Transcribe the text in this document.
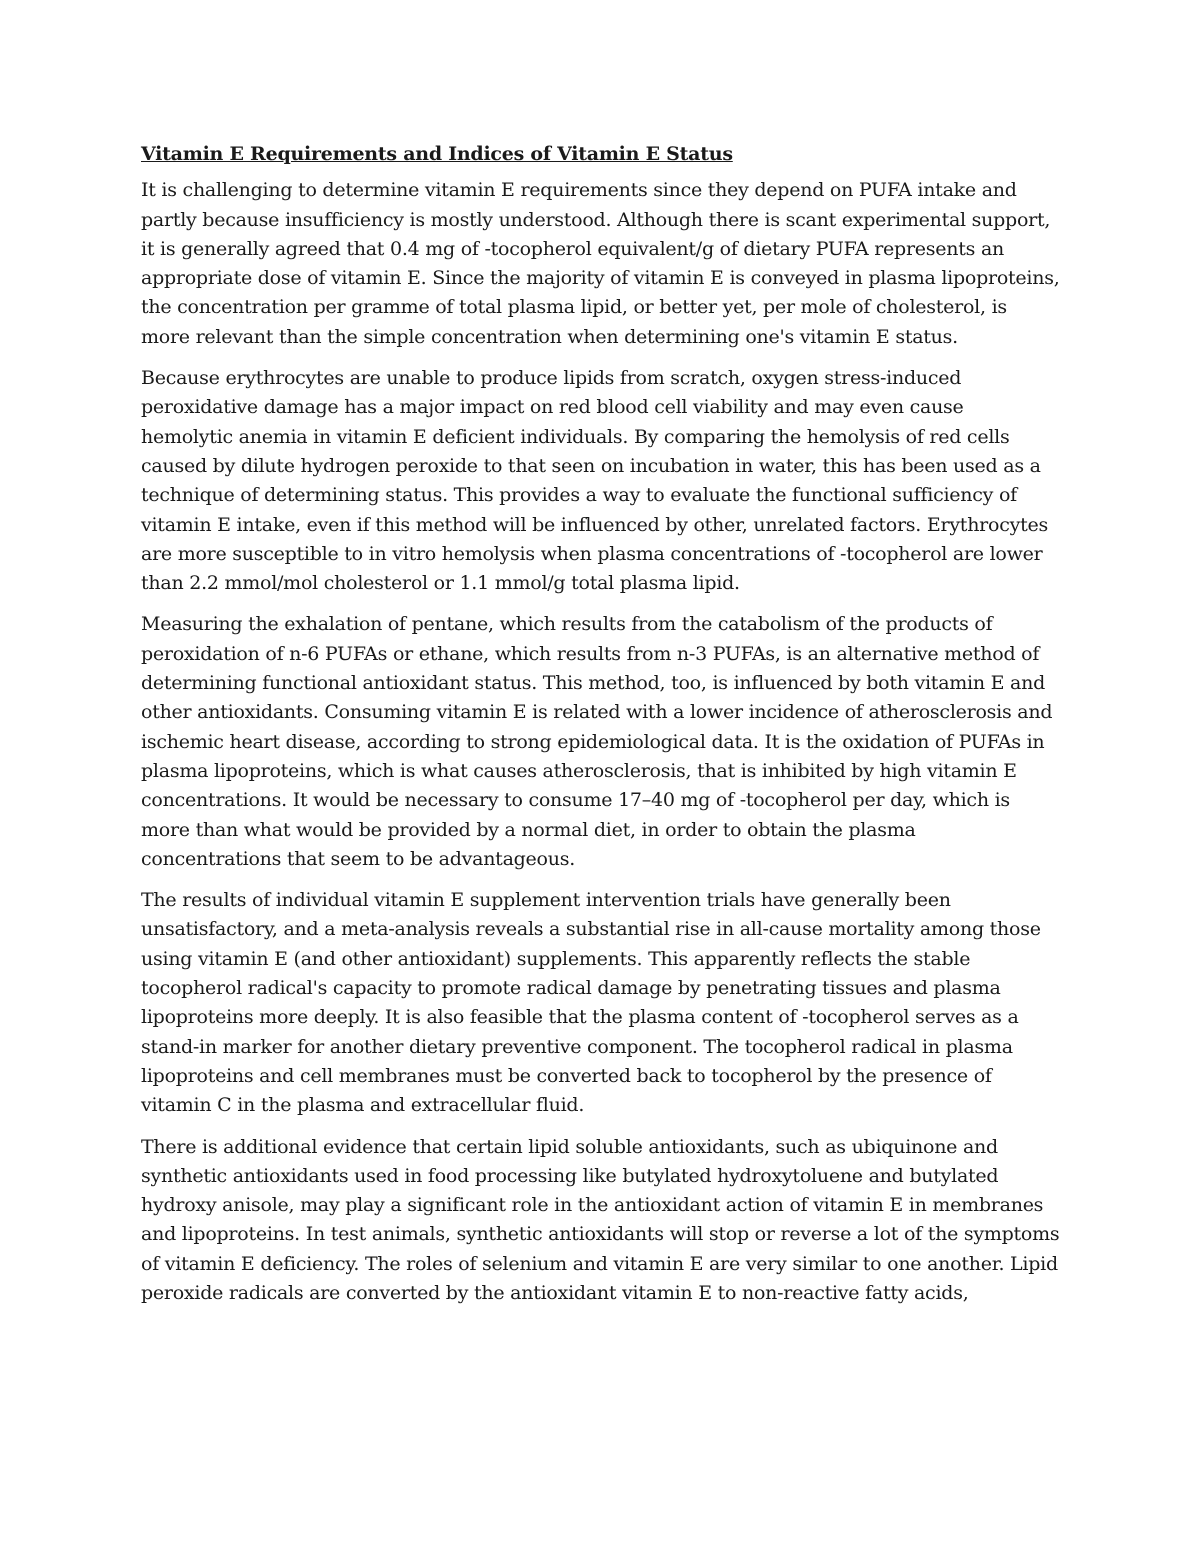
Vitamin E Requirements and Indices of Vitamin E Status

It is challenging to determine vitamin E requirements since they depend on PUFA intake and partly because insufficiency is mostly understood. Although there is scant experimental support, it is generally agreed that 0.4 mg of -tocopherol equivalent/g of dietary PUFA represents an appropriate dose of vitamin E. Since the majority of vitamin E is conveyed in plasma lipoproteins, the concentration per gramme of total plasma lipid, or better yet, per mole of cholesterol, is more relevant than the simple concentration when determining one's vitamin E status.

Because erythrocytes are unable to produce lipids from scratch, oxygen stress-induced peroxidative damage has a major impact on red blood cell viability and may even cause hemolytic anemia in vitamin E deficient individuals. By comparing the hemolysis of red cells caused by dilute hydrogen peroxide to that seen on incubation in water, this has been used as a technique of determining status. This provides a way to evaluate the functional sufficiency of vitamin E intake, even if this method will be influenced by other, unrelated factors. Erythrocytes are more susceptible to in vitro hemolysis when plasma concentrations of -tocopherol are lower than 2.2 mmol/mol cholesterol or 1.1 mmol/g total plasma lipid.

Measuring the exhalation of pentane, which results from the catabolism of the products of peroxidation of n-6 PUFAs or ethane, which results from n-3 PUFAs, is an alternative method of determining functional antioxidant status. This method, too, is influenced by both vitamin E and other antioxidants. Consuming vitamin E is related with a lower incidence of atherosclerosis and ischemic heart disease, according to strong epidemiological data. It is the oxidation of PUFAs in plasma lipoproteins, which is what causes atherosclerosis, that is inhibited by high vitamin E concentrations. It would be necessary to consume 17–40 mg of -tocopherol per day, which is more than what would be provided by a normal diet, in order to obtain the plasma concentrations that seem to be advantageous.

The results of individual vitamin E supplement intervention trials have generally been unsatisfactory, and a meta-analysis reveals a substantial rise in all-cause mortality among those using vitamin E (and other antioxidant) supplements. This apparently reflects the stable tocopherol radical's capacity to promote radical damage by penetrating tissues and plasma lipoproteins more deeply. It is also feasible that the plasma content of -tocopherol serves as a stand-in marker for another dietary preventive component. The tocopherol radical in plasma lipoproteins and cell membranes must be converted back to tocopherol by the presence of vitamin C in the plasma and extracellular fluid.

There is additional evidence that certain lipid soluble antioxidants, such as ubiquinone and synthetic antioxidants used in food processing like butylated hydroxytoluene and butylated hydroxy anisole, may play a significant role in the antioxidant action of vitamin E in membranes and lipoproteins. In test animals, synthetic antioxidants will stop or reverse a lot of the symptoms of vitamin E deficiency. The roles of selenium and vitamin E are very similar to one another. Lipid peroxide radicals are converted by the antioxidant vitamin E to non-reactive fatty acids,
